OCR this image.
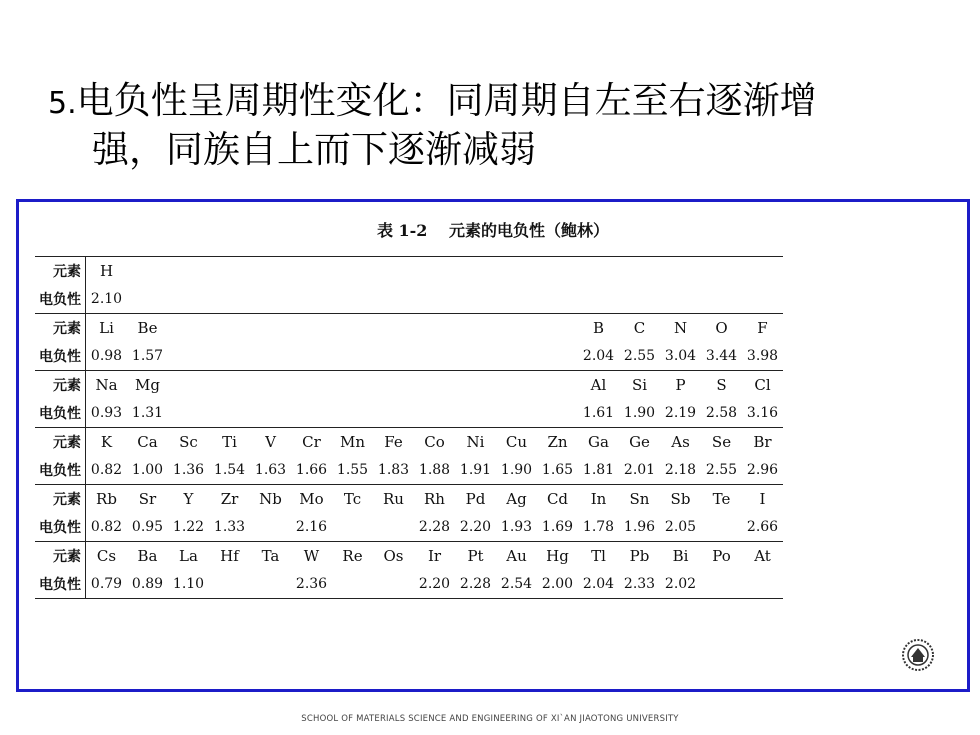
5.电负性呈周期性变化：同周期自左至右逐渐增
强，同族自上而下逐渐减弱
表 1-2 元素的电负性（鲍林）
元素	H																
电负性	2.10																
元素	Li	Be											B	C	N	O	F
电负性	0.98	1.57											2.04	2.55	3.04	3.44	3.98
元素	Na	Mg											Al	Si	P	S	Cl
电负性	0.93	1.31											1.61	1.90	2.19	2.58	3.16
元素	K	Ca	Sc	Ti	V	Cr	Mn	Fe	Co	Ni	Cu	Zn	Ga	Ge	As	Se	Br
电负性	0.82	1.00	1.36	1.54	1.63	1.66	1.55	1.83	1.88	1.91	1.90	1.65	1.81	2.01	2.18	2.55	2.96
元素	Rb	Sr	Y	Zr	Nb	Mo	Tc	Ru	Rh	Pd	Ag	Cd	In	Sn	Sb	Te	I
电负性	0.82	0.95	1.22	1.33		2.16			2.28	2.20	1.93	1.69	1.78	1.96	2.05		2.66
元素	Cs	Ba	La	Hf	Ta	W	Re	Os	Ir	Pt	Au	Hg	Tl	Pb	Bi	Po	At
电负性	0.79	0.89	1.10			2.36			2.20	2.28	2.54	2.00	2.04	2.33	2.02		
SCHOOL OF MATERIALS SCIENCE AND ENGINEERING OF XI`AN JIAOTONG UNIVERSITY
